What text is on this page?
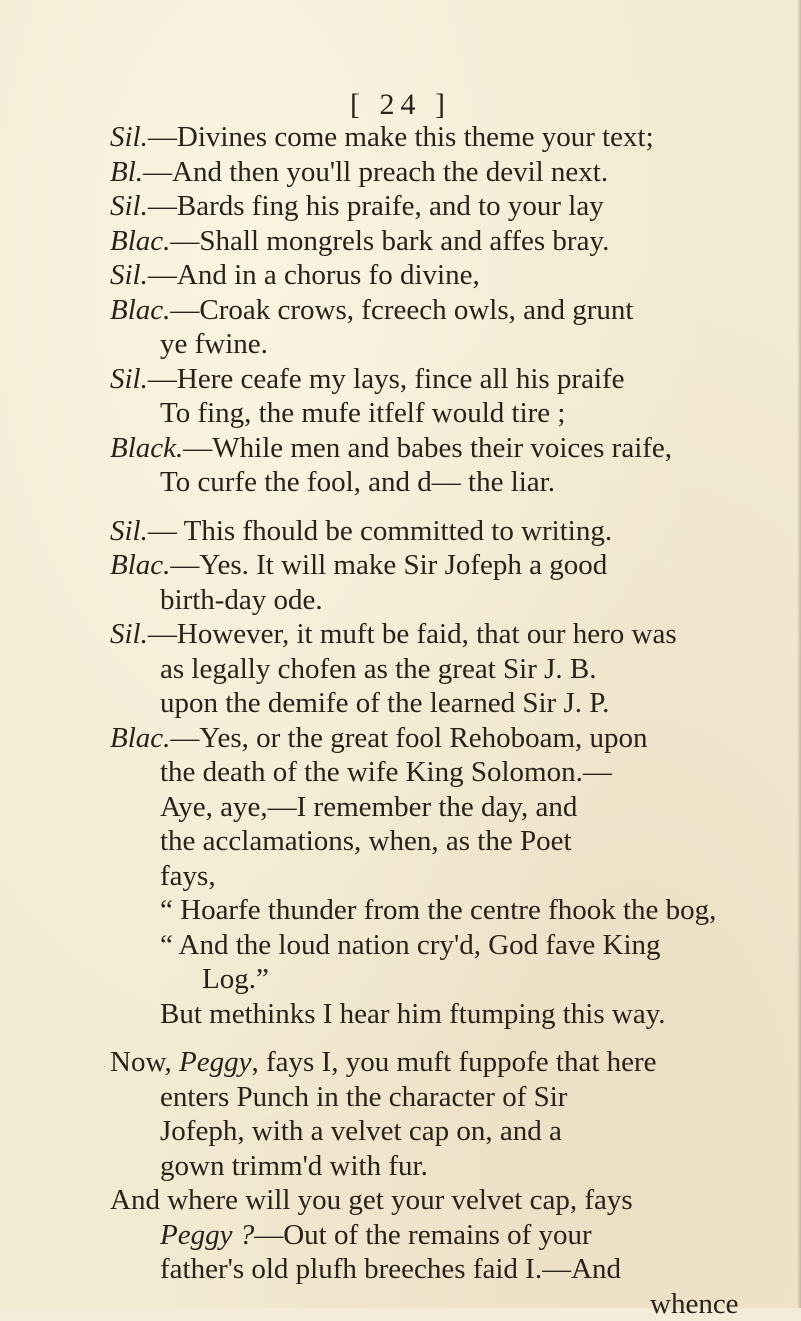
[ 24 ]
Sil.—Divines come make this theme your text;
Bl.—And then you'll preach the devil next.
Sil.—Bards fing his praife, and to your lay
Blac.—Shall mongrels bark and affes bray.
Sil.—And in a chorus fo divine,
Blac.—Croak crows, fcreech owls, and grunt
ye fwine.
Sil.—Here ceafe my lays, fince all his praife
To fing, the mufe itfelf would tire ;
Black.—While men and babes their voices raife,
To curfe the fool, and d— the liar.
Sil.— This fhould be committed to writing.
Blac.—Yes. It will make Sir Jofeph a good
birth-day ode.
Sil.—However, it muft be faid, that our hero was
as legally chofen as the great Sir J. B.
upon the demife of the learned Sir J. P.
Blac.—Yes, or the great fool Rehoboam, upon
the death of the wife King Solomon.—
Aye, aye,—I remember the day, and
the acclamations, when, as the Poet
fays,
“ Hoarfe thunder from the centre fhook the bog,
“ And the loud nation cry'd, God fave King
Log.”
But methinks I hear him ftumping this way.
Now, Peggy, fays I, you muft fuppofe that here
enters Punch in the character of Sir
Jofeph, with a velvet cap on, and a
gown trimm'd with fur.
And where will you get your velvet cap, fays
Peggy ?—Out of the remains of your
father's old plufh breeches faid I.—And
whence
